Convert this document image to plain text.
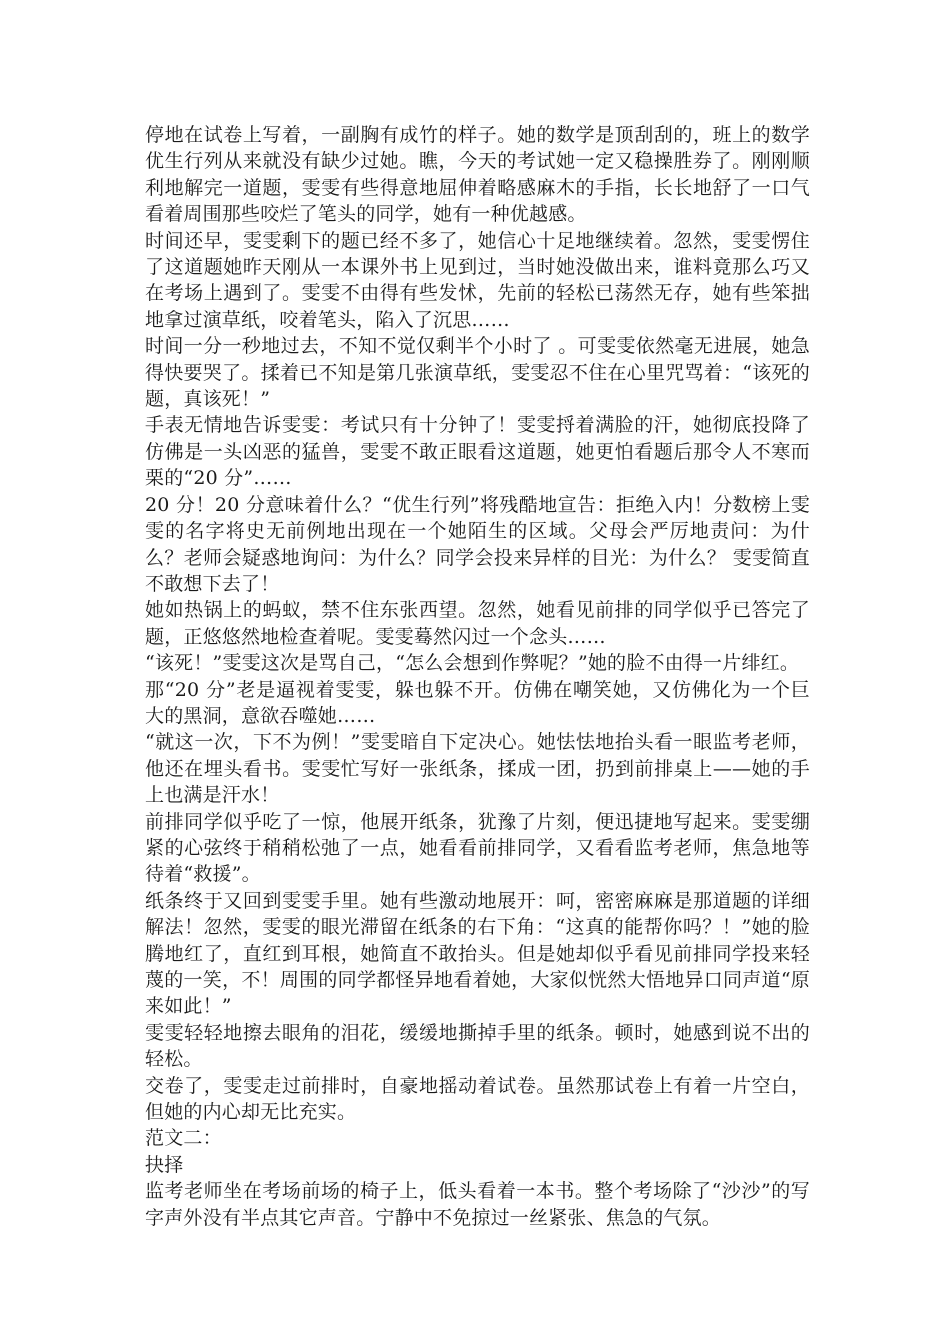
停地在试卷上写着，一副胸有成竹的样子。她的数学是顶刮刮的，班上的数学优生行列从来就没有缺少过她。瞧，今天的考试她一定又稳操胜券了。刚刚顺利地解完一道题，雯雯有些得意地屈伸着略感麻木的手指，长长地舒了一口气看着周围那些咬烂了笔头的同学，她有一种优越感。

时间还早，雯雯剩下的题已经不多了，她信心十足地继续着。忽然，雯雯愣住了这道题她昨天刚从一本课外书上见到过，当时她没做出来，谁料竟那么巧又在考场上遇到了。雯雯不由得有些发怵，先前的轻松已荡然无存，她有些笨拙地拿过演草纸，咬着笔头，陷入了沉思……

时间一分一秒地过去，不知不觉仅剩半个小时了 。可雯雯依然毫无进展，她急得快要哭了。揉着已不知是第几张演草纸，雯雯忍不住在心里咒骂着：“该死的题，真该死！”

手表无情地告诉雯雯：考试只有十分钟了！雯雯捋着满脸的汗，她彻底投降了仿佛是一头凶恶的猛兽，雯雯不敢正眼看这道题，她更怕看题后那令人不寒而栗的“20 分”……

20 分！20 分意味着什么？“优生行列”将残酷地宣告：拒绝入内！分数榜上雯雯的名字将史无前例地出现在一个她陌生的区域。父母会严厉地责问：为什么？老师会疑惑地询问：为什么？同学会投来异样的目光：为什么？ 雯雯简直不敢想下去了！

她如热锅上的蚂蚁，禁不住东张西望。忽然，她看见前排的同学似乎已答完了题，正悠悠然地检查着呢。雯雯蓦然闪过一个念头……

“该死！”雯雯这次是骂自己，“怎么会想到作弊呢？”她的脸不由得一片绯红。

那“20 分”老是逼视着雯雯，躲也躲不开。仿佛在嘲笑她，又仿佛化为一个巨大的黑洞，意欲吞噬她……

“就这一次，下不为例！”雯雯暗自下定决心。她怯怯地抬头看一眼监考老师，他还在埋头看书。雯雯忙写好一张纸条，揉成一团，扔到前排桌上——她的手上也满是汗水！

前排同学似乎吃了一惊，他展开纸条，犹豫了片刻，便迅捷地写起来。雯雯绷紧的心弦终于稍稍松弛了一点，她看看前排同学，又看看监考老师，焦急地等待着“救援”。

纸条终于又回到雯雯手里。她有些激动地展开：呵，密密麻麻是那道题的详细解法！忽然，雯雯的眼光滞留在纸条的右下角：“这真的能帮你吗？！”她的脸腾地红了，直红到耳根，她简直不敢抬头。但是她却似乎看见前排同学投来轻蔑的一笑，不！周围的同学都怪异地看着她，大家似恍然大悟地异口同声道“原来如此！”

雯雯轻轻地擦去眼角的泪花，缓缓地撕掉手里的纸条。顿时，她感到说不出的轻松。

交卷了，雯雯走过前排时，自豪地摇动着试卷。虽然那试卷上有着一片空白，但她的内心却无比充实。

范文二：

抉择

监考老师坐在考场前场的椅子上，低头看着一本书。整个考场除了“沙沙”的写字声外没有半点其它声音。宁静中不免掠过一丝紧张、焦急的气氛。
